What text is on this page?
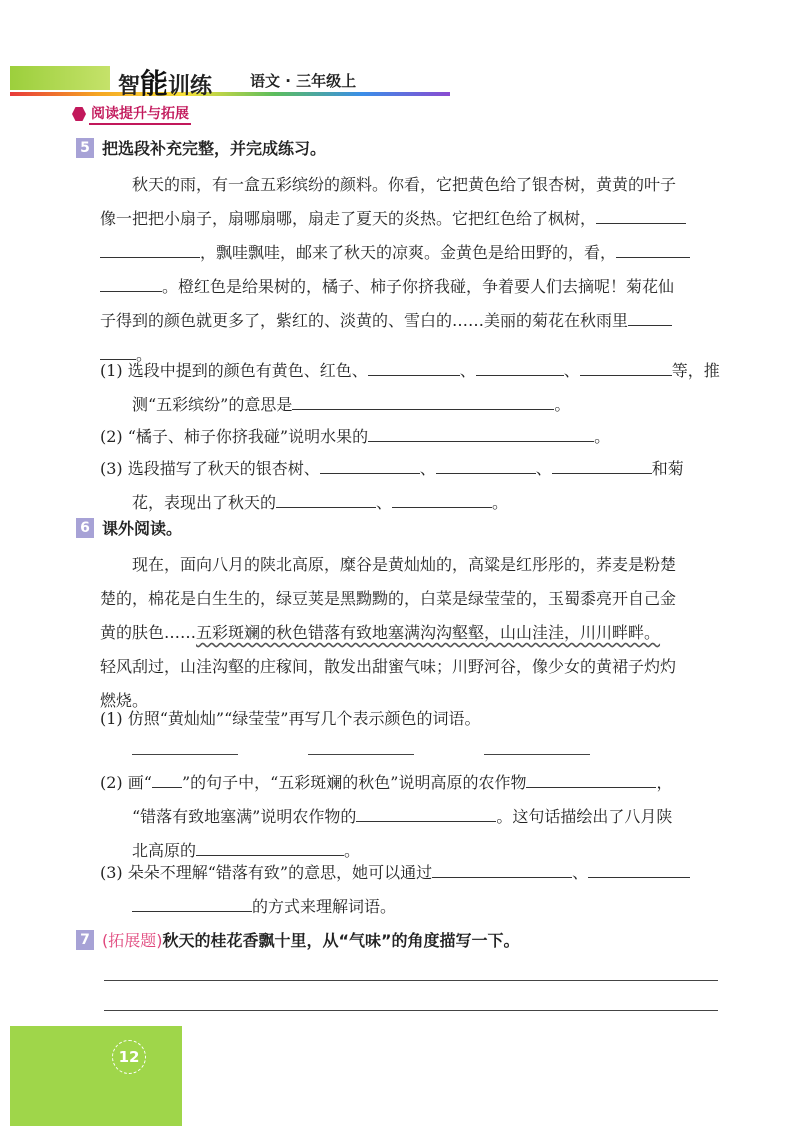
智能训练	语文 · 三年级上
阅读提升与拓展
5 把选段补充完整，并完成练习。
秋天的雨，有一盒五彩缤纷的颜料。你看，它把黄色给了银杏树，黄黄的叶子
像一把把小扇子，扇哪扇哪，扇走了夏天的炎热。它把红色给了枫树，
，飘哇飘哇，邮来了秋天的凉爽。金黄色是给田野的，看，
。橙红色是给果树的，橘子、柿子你挤我碰，争着要人们去摘呢！菊花仙
子得到的颜色就更多了，紫红的、淡黄的、雪白的……美丽的菊花在秋雨里
。
(1) 选段中提到的颜色有黄色、红色、	、	、	等，推
测“五彩缤纷”的意思是	。
(2) “橘子、柿子你挤我碰”说明水果的	。
(3) 选段描写了秋天的银杏树、	、	、	和菊
花，表现出了秋天的	、	。
6 课外阅读。
现在，面向八月的陕北高原，糜谷是黄灿灿的，高粱是红彤彤的，荞麦是粉楚
楚的，棉花是白生生的，绿豆荚是黑黝黝的，白菜是绿莹莹的，玉蜀黍亮开自己金
黄的肤色……五彩斑斓的秋色错落有致地塞满沟沟壑壑，山山洼洼，川川畔畔。
轻风刮过，山洼沟壑的庄稼间，散发出甜蜜气味；川野河谷，像少女的黄裙子灼灼
燃烧。
(1) 仿照“黄灿灿”“绿莹莹”再写几个表示颜色的词语。
(2) 画“ ”的句子中，“五彩斑斓的秋色”说明高原的农作物	，
“错落有致地塞满”说明农作物的	。这句话描绘出了八月陕
北高原的	。
(3) 朵朵不理解“错落有致”的意思，她可以通过	、
的方式来理解词语。
7 (拓展题)秋天的桂花香飘十里，从“气味”的角度描写一下。
12
